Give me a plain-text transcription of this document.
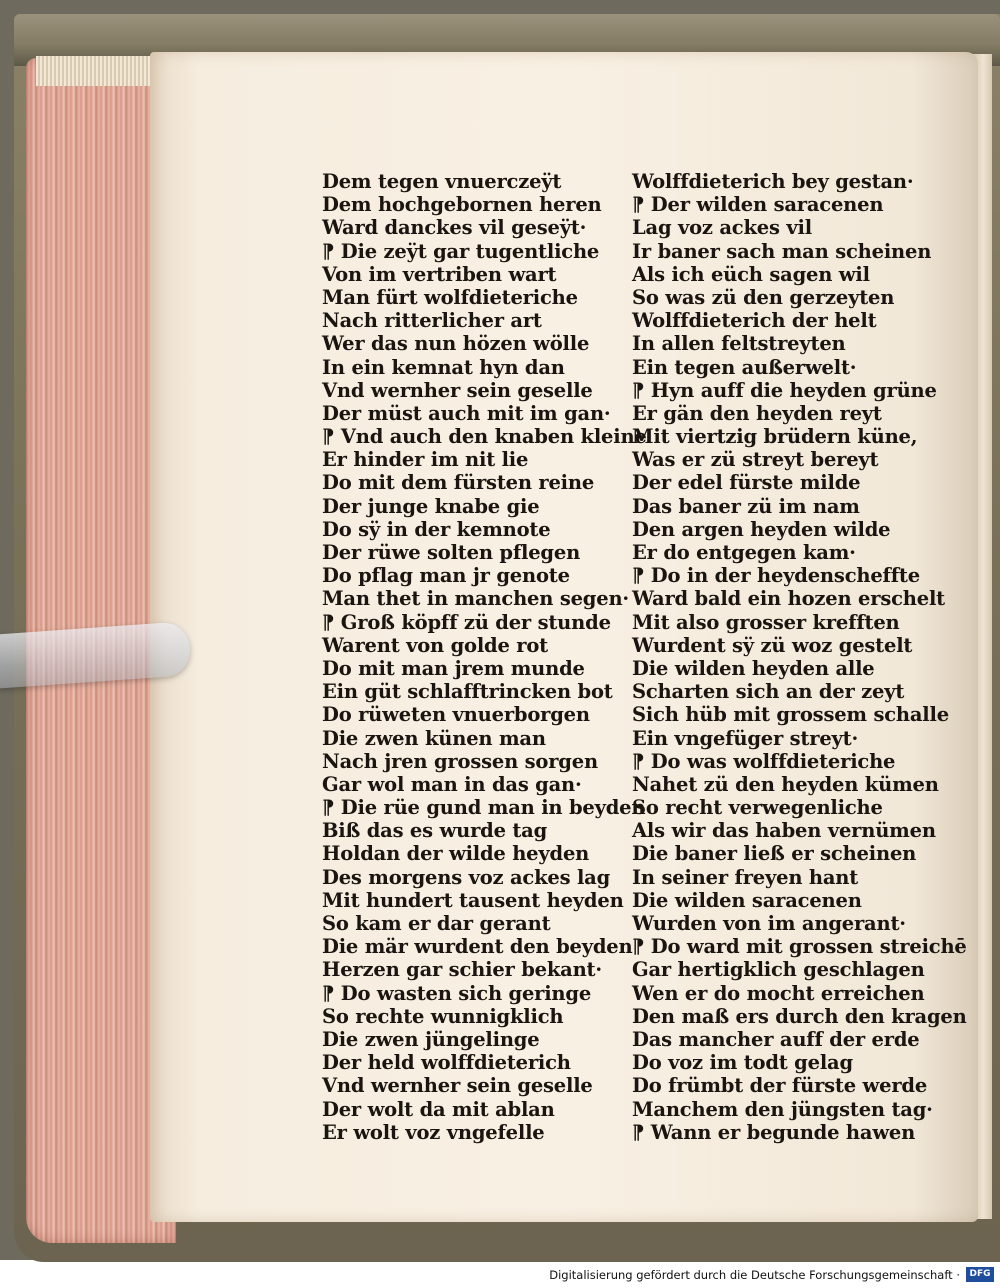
Dem tegen vnuerczeÿt
Dem hochgebornen heren
Ward danckes vil geseÿt·
⁋ Die zeÿt gar tugentliche
Von im vertriben wart
Man fürt wolfdieteriche
Nach ritterlicher art
Wer das nun hözen wölle
In ein kemnat hyn dan
Vnd wernher sein geselle
Der müst auch mit im gan·
⁋ Vnd auch den knaben kleine
Er hinder im nit lie
Do mit dem fürsten reine
Der junge knabe gie
Do sÿ in der kemnote
Der rüwe solten pflegen
Do pflag man jr genote
Man thet in manchen segen·
⁋ Groß köpff zü der stunde
Warent von golde rot
Do mit man jrem munde
Ein güt schlafftrincken bot
Do rüweten vnuerborgen
Die zwen künen man
Nach jren grossen sorgen
Gar wol man in das gan·
⁋ Die rüe gund man in beyden
Biß das es wurde tag
Holdan der wilde heyden
Des morgens voz ackes lag
Mit hundert tausent heyden
So kam er dar gerant
Die mär wurdent den beyden
Herzen gar schier bekant·
⁋ Do wasten sich geringe
So rechte wunnigklich
Die zwen jüngelinge
Der held wolffdieterich
Vnd wernher sein geselle
Der wolt da mit ablan
Er wolt voz vngefelle
Wolffdieterich bey gestan·
⁋ Der wilden saracenen
Lag voz ackes vil
Ir baner sach man scheinen
Als ich eüch sagen wil
So was zü den gerzeyten
Wolffdieterich der helt
In allen feltstreyten
Ein tegen außerwelt·
⁋ Hyn auff die heyden grüne
Er gän den heyden reyt
Mit viertzig brüdern küne,
Was er zü streyt bereyt
Der edel fürste milde
Das baner zü im nam
Den argen heyden wilde
Er do entgegen kam·
⁋ Do in der heydenscheffte
Ward bald ein hozen erschelt
Mit also grosser krefften
Wurdent sÿ zü woz gestelt
Die wilden heyden alle
Scharten sich an der zeyt
Sich hüb mit grossem schalle
Ein vngefüger streyt·
⁋ Do was wolffdieteriche
Nahet zü den heyden kümen
So recht verwegenliche
Als wir das haben vernümen
Die baner ließ er scheinen
In seiner freyen hant
Die wilden saracenen
Wurden von im angerant·
⁋ Do ward mit grossen streichē
Gar hertigklich geschlagen
Wen er do mocht erreichen
Den maß ers durch den kragen
Das mancher auff der erde
Do voz im todt gelag
Do frümbt der fürste werde
Manchem den jüngsten tag·
⁋ Wann er begunde hawen
Digitalisierung gefördert durch die Deutsche Forschungsgemeinschaft ·	DFG
